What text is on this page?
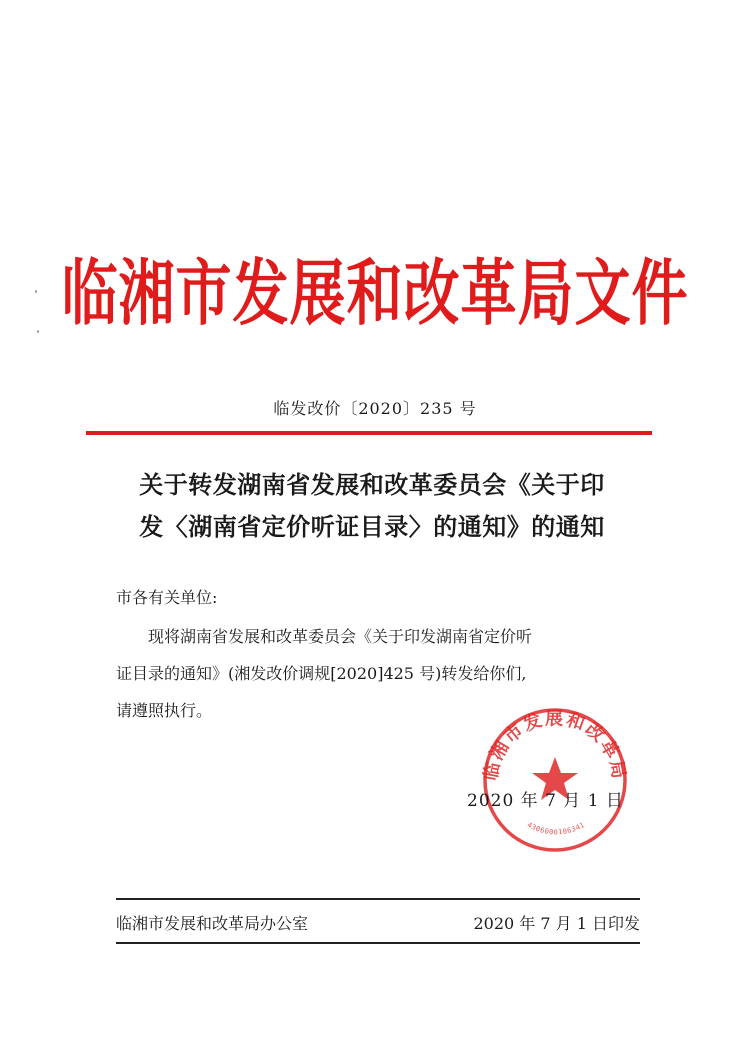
临湘市发展和改革局文件
临发改价〔2020〕235 号
关于转发湖南省发展和改革委员会《关于印
发〈湖南省定价听证目录〉的通知》的通知
市各有关单位:
现将湖南省发展和改革委员会《关于印发湖南省定价听
证目录的通知》(湘发改价调规[2020]425 号)转发给你们,
请遵照执行。
临湘市发展和改革局
4306000106341
2020 年 7 月 1 日
临湘市发展和改革局办公室	2020 年 7 月 1 日印发
